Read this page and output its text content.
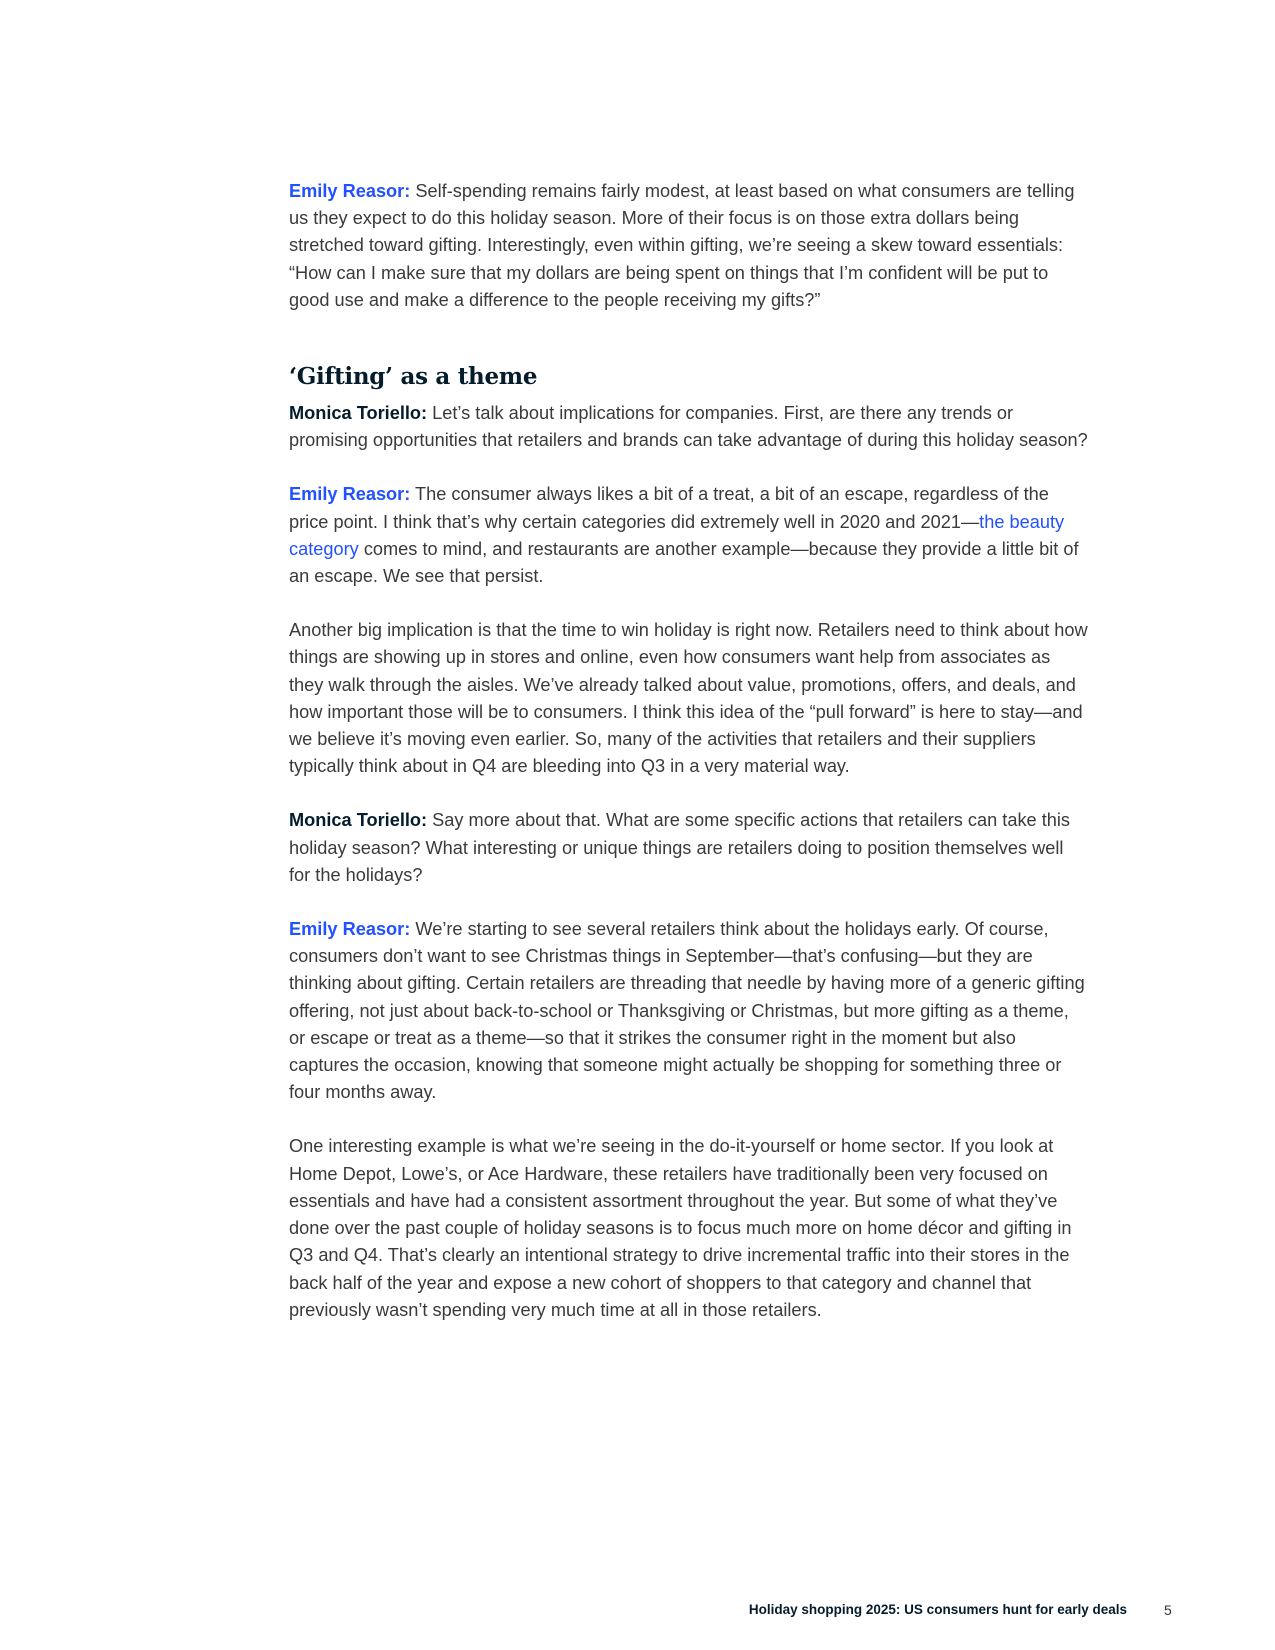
Emily Reasor: Self-spending remains fairly modest, at least based on what consumers are telling us they expect to do this holiday season. More of their focus is on those extra dollars being stretched toward gifting. Interestingly, even within gifting, we’re seeing a skew toward essentials: “How can I make sure that my dollars are being spent on things that I’m confident will be put to good use and make a difference to the people receiving my gifts?”

‘Gifting’ as a theme

Monica Toriello: Let’s talk about implications for companies. First, are there any trends or promising opportunities that retailers and brands can take advantage of during this holiday season?

Emily Reasor: The consumer always likes a bit of a treat, a bit of an escape, regardless of the price point. I think that’s why certain categories did extremely well in 2020 and 2021—the beauty category comes to mind, and restaurants are another example—because they provide a little bit of an escape. We see that persist.

Another big implication is that the time to win holiday is right now. Retailers need to think about how things are showing up in stores and online, even how consumers want help from associates as they walk through the aisles. We’ve already talked about value, promotions, offers, and deals, and how important those will be to consumers. I think this idea of the “pull forward” is here to stay—and we believe it’s moving even earlier. So, many of the activities that retailers and their suppliers typically think about in Q4 are bleeding into Q3 in a very material way.

Monica Toriello: Say more about that. What are some specific actions that retailers can take this holiday season? What interesting or unique things are retailers doing to position themselves well for the holidays?

Emily Reasor: We’re starting to see several retailers think about the holidays early. Of course, consumers don’t want to see Christmas things in September—that’s confusing—but they are thinking about gifting. Certain retailers are threading that needle by having more of a generic gifting offering, not just about back-to-school or Thanksgiving or Christmas, but more gifting as a theme, or escape or treat as a theme—so that it strikes the consumer right in the moment but also captures the occasion, knowing that someone might actually be shopping for something three or four months away.

One interesting example is what we’re seeing in the do-it-yourself or home sector. If you look at Home Depot, Lowe’s, or Ace Hardware, these retailers have traditionally been very focused on essentials and have had a consistent assortment throughout the year. But some of what they’ve done over the past couple of holiday seasons is to focus much more on home décor and gifting in Q3 and Q4. That’s clearly an intentional strategy to drive incremental traffic into their stores in the back half of the year and expose a new cohort of shoppers to that category and channel that previously wasn’t spending very much time at all in those retailers.

Holiday shopping 2025: US consumers hunt for early deals	5
